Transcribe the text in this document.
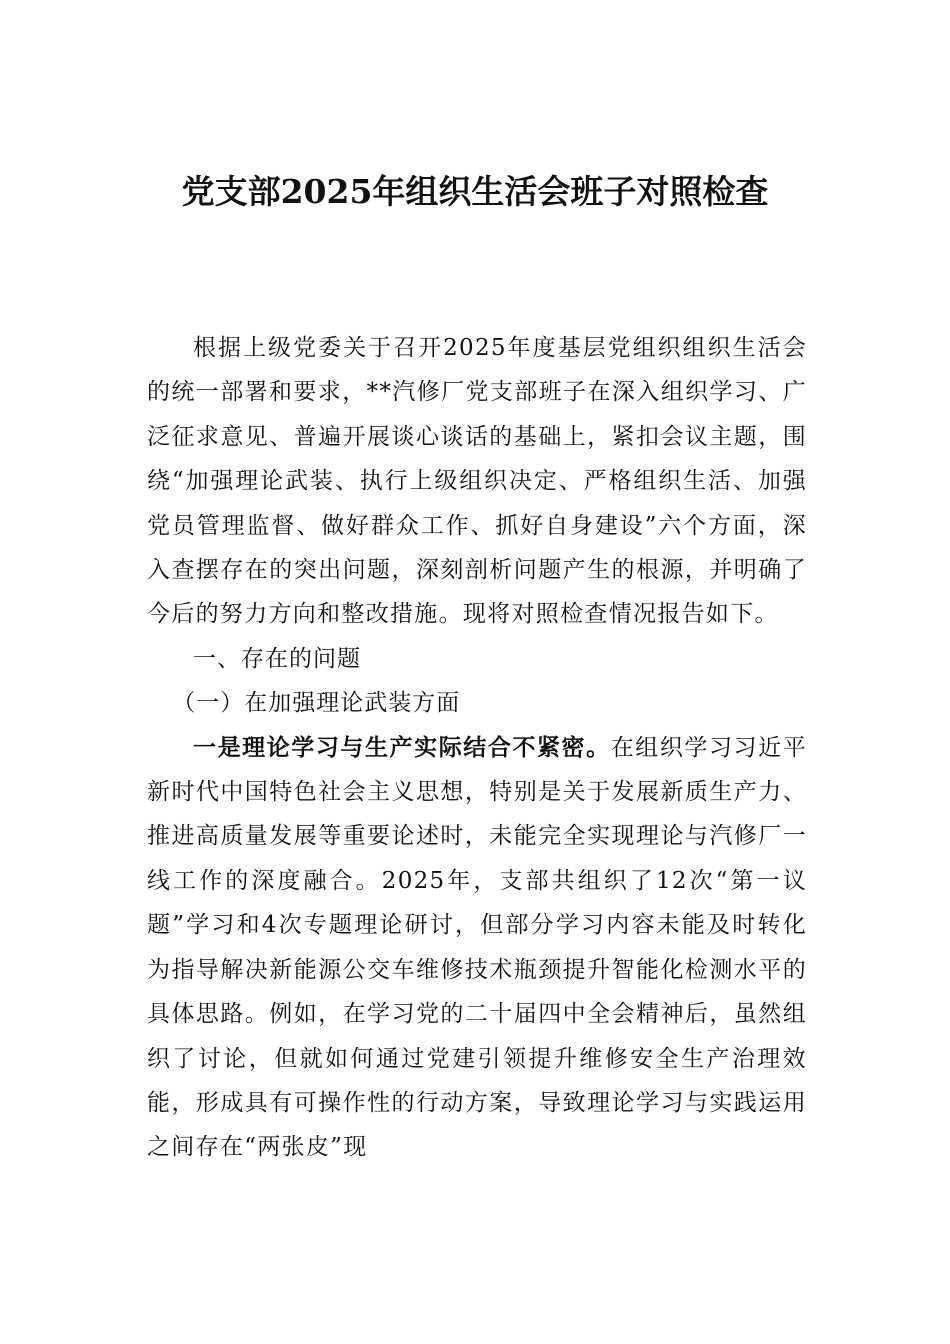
党支部2025年组织生活会班子对照检查

根据上级党委关于召开2025年度基层党组织组织生活会的统一部署和要求，**汽修厂党支部班子在深入组织学习、广泛征求意见、普遍开展谈心谈话的基础上，紧扣会议主题，围绕“加强理论武装、执行上级组织决定、严格组织生活、加强党员管理监督、做好群众工作、抓好自身建设”六个方面，深入查摆存在的突出问题，深刻剖析问题产生的根源，并明确了今后的努力方向和整改措施。现将对照检查情况报告如下。

一、存在的问题

（一）在加强理论武装方面

一是理论学习与生产实际结合不紧密。在组织学习习近平新时代中国特色社会主义思想，特别是关于发展新质生产力、推进高质量发展等重要论述时，未能完全实现理论与汽修厂一线工作的深度融合。2025年，支部共组织了12次“第一议题”学习和4次专题理论研讨，但部分学习内容未能及时转化为指导解决新能源公交车维修技术瓶颈提升智能化检测水平的具体思路。例如，在学习党的二十届四中全会精神后，虽然组织了讨论，但就如何通过党建引领提升维修安全生产治理效能，形成具有可操作性的行动方案，导致理论学习与实践运用之间存在“两张皮”现
